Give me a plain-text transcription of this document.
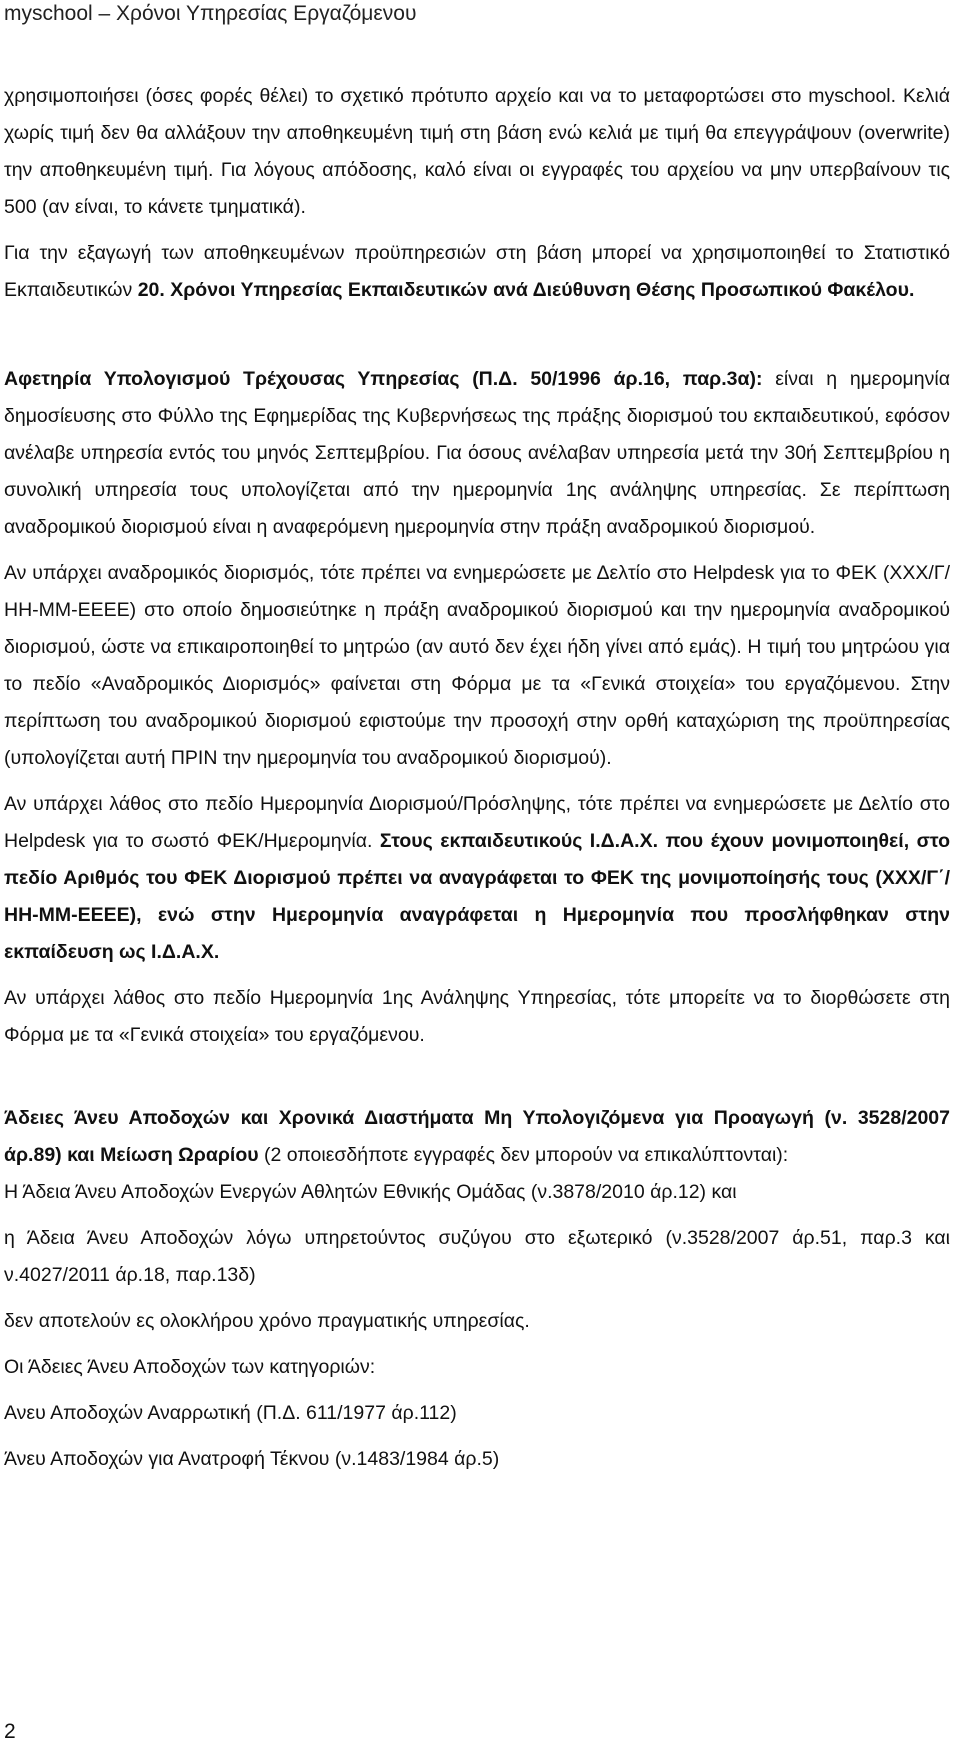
myschool – Χρόνοι Υπηρεσίας Εργαζόμενου

χρησιμοποιήσει (όσες φορές θέλει) το σχετικό πρότυπο αρχείο και να το μεταφορτώσει στο myschool. Κελιά χωρίς τιμή δεν θα αλλάξουν την αποθηκευμένη τιμή στη βάση ενώ κελιά με τιμή θα επεγγράψουν (overwrite) την αποθηκευμένη τιμή. Για λόγους απόδοσης, καλό είναι οι εγγραφές του αρχείου να μην υπερβαίνουν τις 500 (αν είναι, το κάνετε τμηματικά).

Για την εξαγωγή των αποθηκευμένων προϋπηρεσιών στη βάση μπορεί να χρησιμοποιηθεί το Στατιστικό Εκπαιδευτικών 20. Χρόνοι Υπηρεσίας Εκπαιδευτικών ανά Διεύθυνση Θέσης Προσωπικού Φακέλου.

Αφετηρία Υπολογισμού Τρέχουσας Υπηρεσίας (Π.Δ. 50/1996 άρ.16, παρ.3α): είναι η ημερομηνία δημοσίευσης στο Φύλλο της Εφημερίδας της Κυβερνήσεως της πράξης διορισμού του εκπαιδευτικού, εφόσον ανέλαβε υπηρεσία εντός του μηνός Σεπτεμβρίου. Για όσους ανέλαβαν υπηρεσία μετά την 30ή Σεπτεμβρίου η συνολική υπηρεσία τους υπολογίζεται από την ημερομηνία 1ης ανάληψης υπηρεσίας. Σε περίπτωση αναδρομικού διορισμού είναι η αναφερόμενη ημερομηνία στην πράξη αναδρομικού διορισμού.

Αν υπάρχει αναδρομικός διορισμός, τότε πρέπει να ενημερώσετε με Δελτίο στο Helpdesk για το ΦΕΚ (ΧΧΧ/Γ/ΗΗ-ΜΜ-ΕΕΕΕ) στο οποίο δημοσιεύτηκε η πράξη αναδρομικού διορισμού και την ημερομηνία αναδρομικού διορισμού, ώστε να επικαιροποιηθεί το μητρώο (αν αυτό δεν έχει ήδη γίνει από εμάς). Η τιμή του μητρώου για το πεδίο «Αναδρομικός Διορισμός» φαίνεται στη Φόρμα με τα «Γενικά στοιχεία» του εργαζόμενου. Στην περίπτωση του αναδρομικού διορισμού εφιστούμε την προσοχή στην ορθή καταχώριση της προϋπηρεσίας (υπολογίζεται αυτή ΠΡΙΝ την ημερομηνία του αναδρομικού διορισμού).

Αν υπάρχει λάθος στο πεδίο Ημερομηνία Διορισμού/Πρόσληψης, τότε πρέπει να ενημερώσετε με Δελτίο στο Helpdesk για το σωστό ΦΕΚ/Ημερομηνία. Στους εκπαιδευτικούς Ι.Δ.Α.Χ. που έχουν μονιμοποιηθεί, στο πεδίο Αριθμός του ΦΕΚ Διορισμού πρέπει να αναγράφεται το ΦΕΚ της μονιμοποίησής τους (ΧΧΧ/Γ΄/ΗΗ-ΜΜ-ΕΕΕΕ), ενώ στην Ημερομηνία αναγράφεται η Ημερομηνία που προσλήφθηκαν στην εκπαίδευση ως Ι.Δ.Α.Χ.

Αν υπάρχει λάθος στο πεδίο Ημερομηνία 1ης Ανάληψης Υπηρεσίας, τότε μπορείτε να το διορθώσετε στη Φόρμα με τα «Γενικά στοιχεία» του εργαζόμενου.

Άδειες Άνευ Αποδοχών και Χρονικά Διαστήματα Μη Υπολογιζόμενα για Προαγωγή (ν. 3528/2007 άρ.89) και Μείωση Ωραρίου (2 οποιεσδήποτε εγγραφές δεν μπορούν να επικαλύπτονται):

Η Άδεια Άνευ Αποδοχών Ενεργών Αθλητών Εθνικής Ομάδας (ν.3878/2010 άρ.12) και

η Άδεια Άνευ Αποδοχών λόγω υπηρετούντος συζύγου στο εξωτερικό (ν.3528/2007 άρ.51, παρ.3 και ν.4027/2011 άρ.18, παρ.13δ)

δεν αποτελούν ες ολοκλήρου χρόνο πραγματικής υπηρεσίας.

Οι Άδειες Άνευ Αποδοχών των κατηγοριών:

Ανευ Αποδοχών Αναρρωτική (Π.Δ. 611/1977 άρ.112)

Άνευ Αποδοχών για Ανατροφή Τέκνου (ν.1483/1984 άρ.5)

2
